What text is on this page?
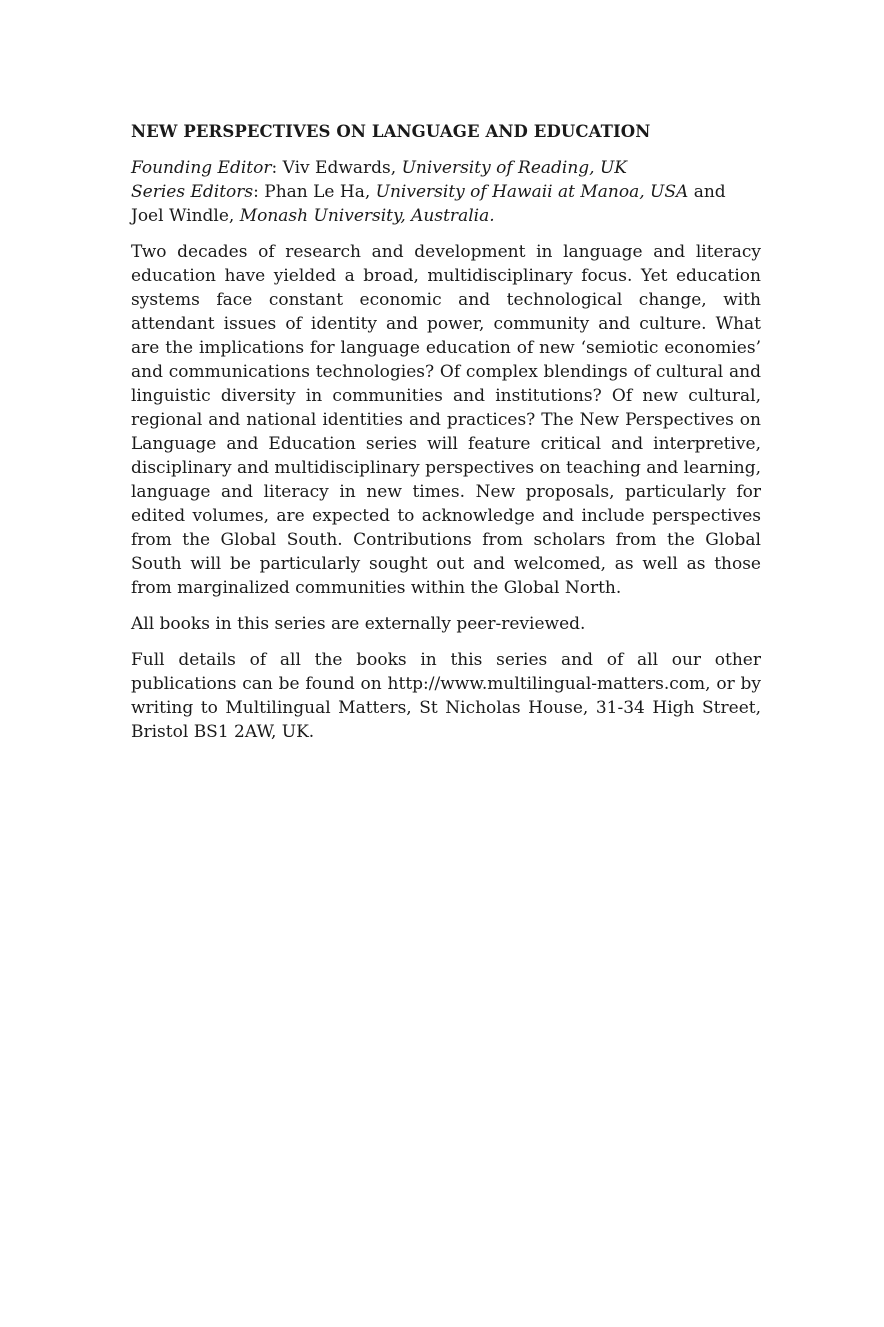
NEW PERSPECTIVES ON LANGUAGE AND EDUCATION

Founding Editor: Viv Edwards, University of Reading, UK

Series Editors: Phan Le Ha, University of Hawaii at Manoa, USA and Joel Windle, Monash University, Australia.

Two decades of research and development in language and literacy education have yielded a broad, multidisciplinary focus. Yet education systems face constant economic and technological change, with attendant issues of identity and power, community and culture. What are the implications for language education of new ‘semiotic economies’ and communications technologies? Of complex blendings of cultural and linguistic diversity in communities and institutions? Of new cultural, regional and national identities and practices? The New Perspectives on Language and Education series will feature critical and interpretive, disciplinary and multidisciplinary perspectives on teaching and learning, language and literacy in new times. New proposals, particularly for edited volumes, are expected to acknowledge and include perspectives from the Global South. Contributions from scholars from the Global South will be particularly sought out and welcomed, as well as those from marginalized communities within the Global North.

All books in this series are externally peer-reviewed.

Full details of all the books in this series and of all our other publications can be found on http://www.multilingual-matters.com, or by writing to Multilingual Matters, St Nicholas House, 31-34 High Street, Bristol BS1 2AW, UK.
